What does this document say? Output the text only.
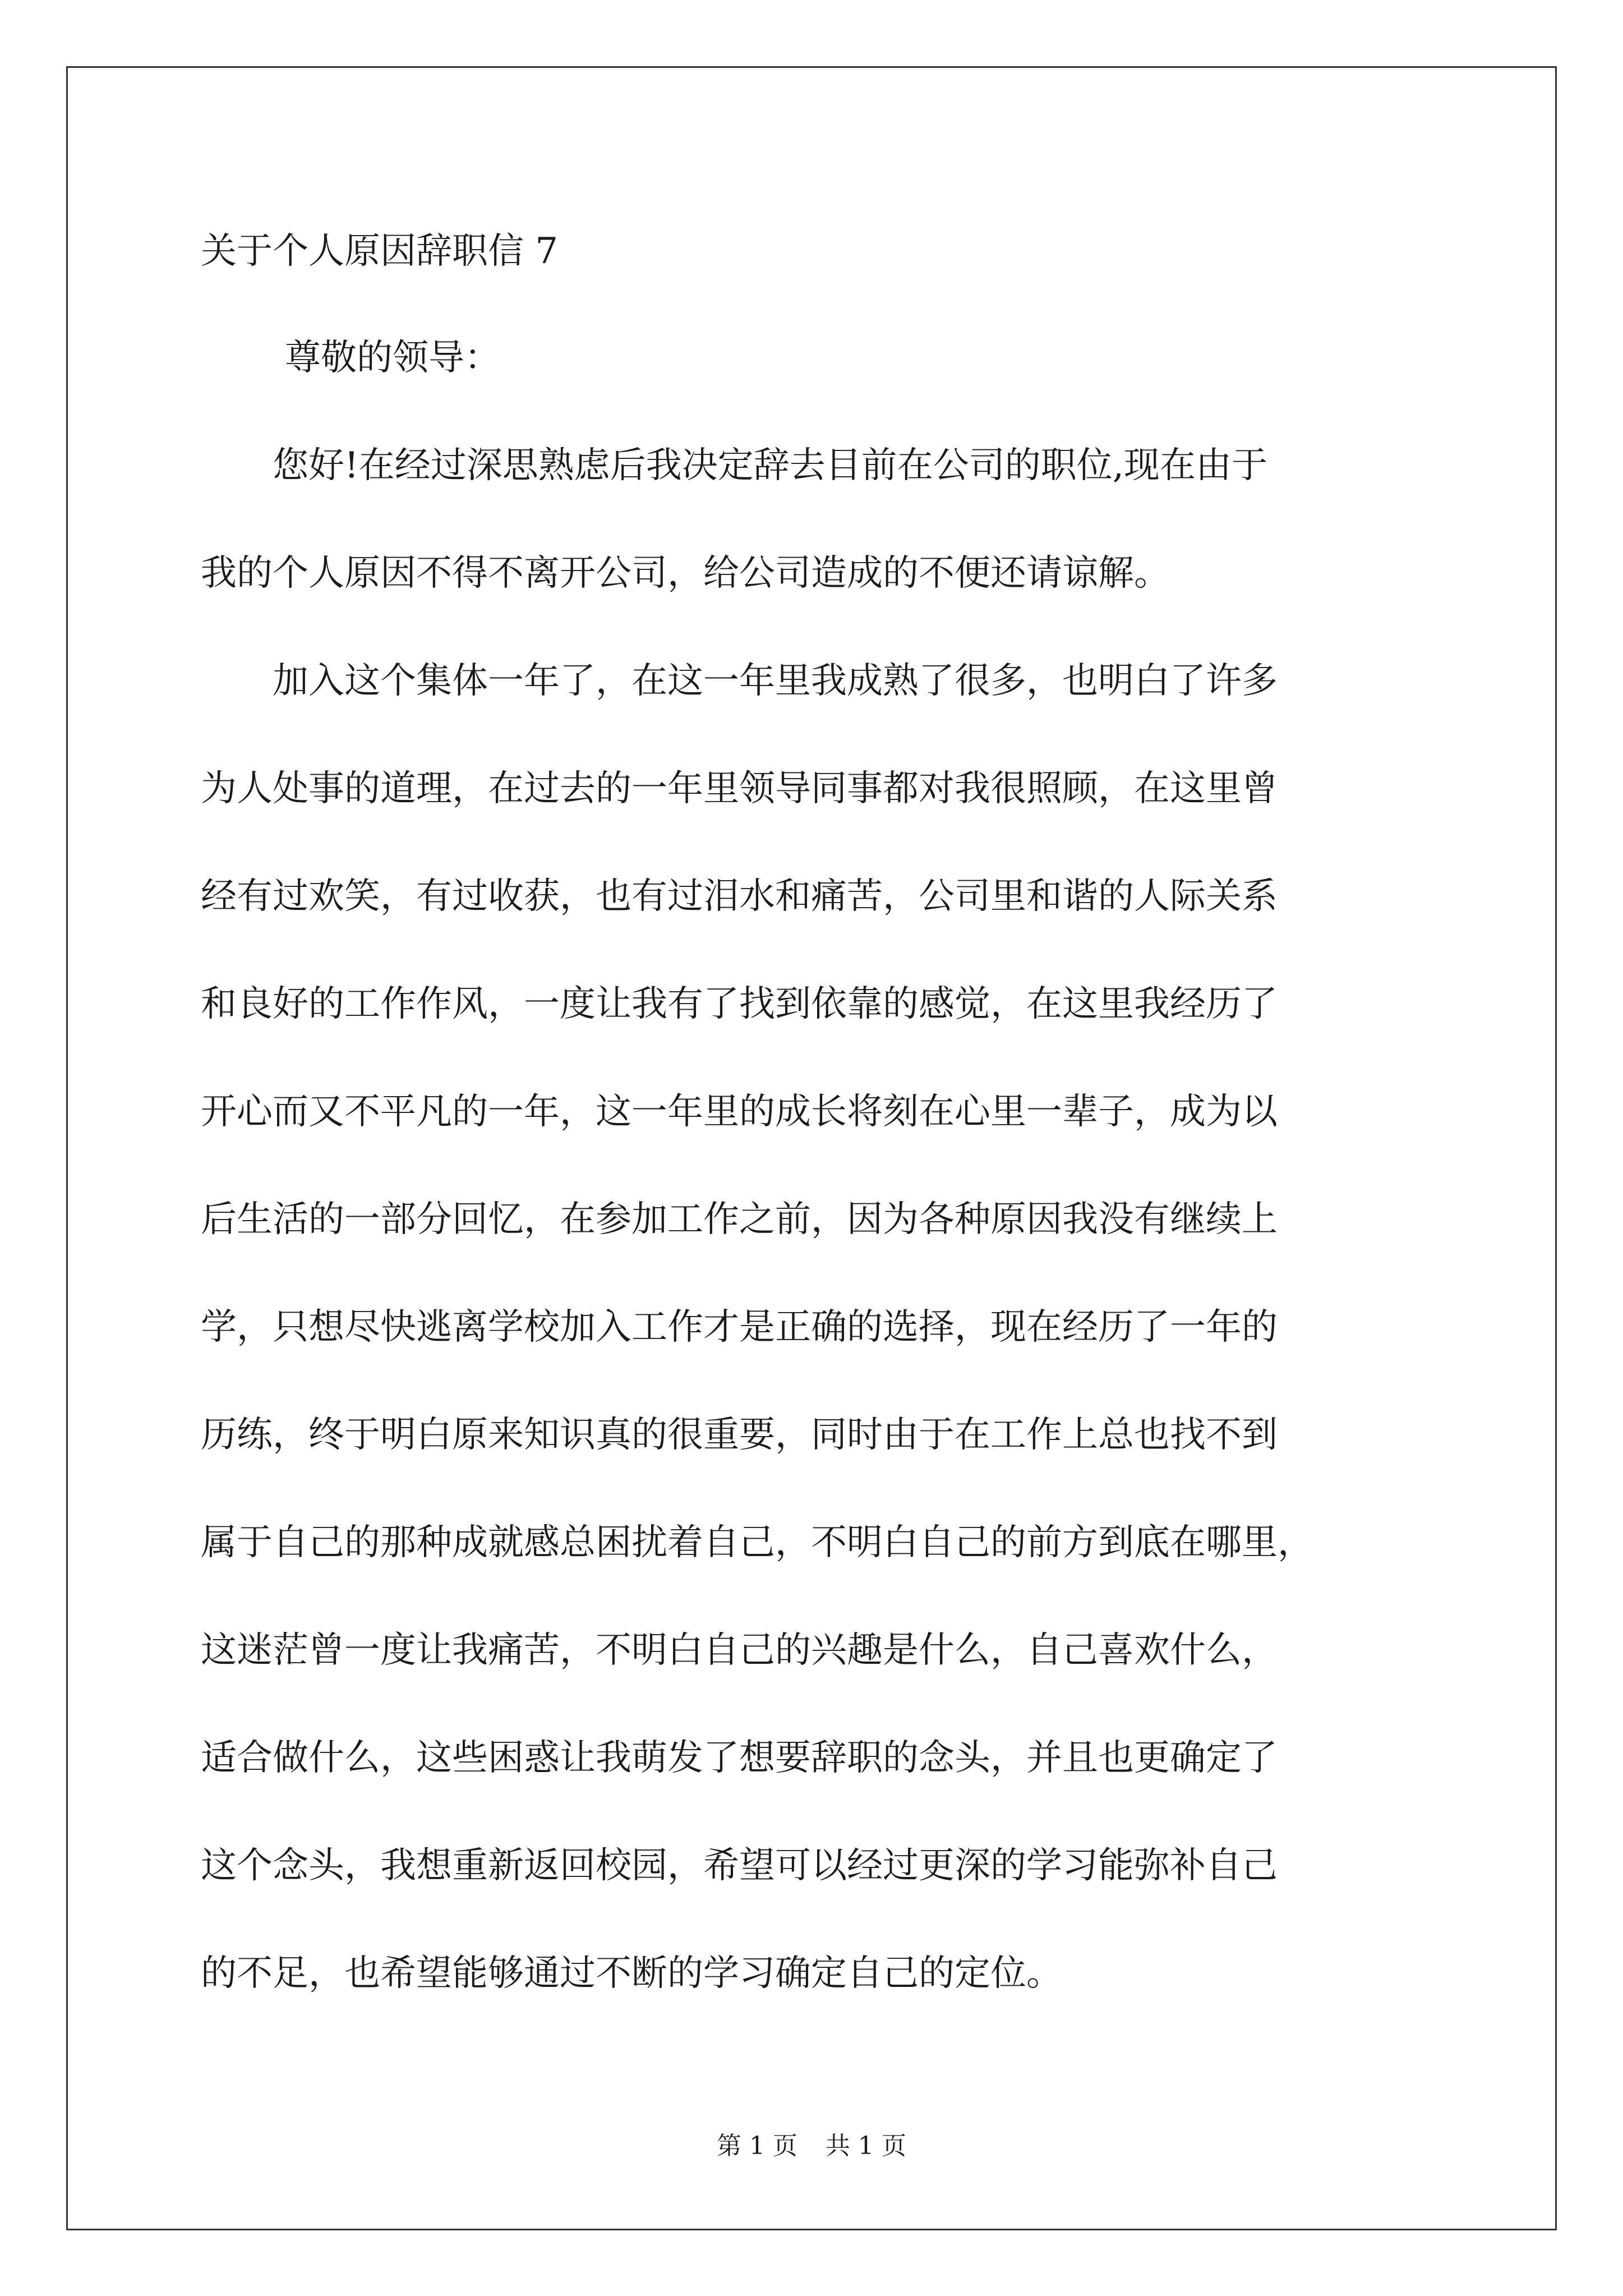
关于个人原因辞职信 7
尊敬的领导：
　　您好!在经过深思熟虑后我决定辞去目前在公司的职位,现在由于
我的个人原因不得不离开公司，给公司造成的不便还请谅解。
　　加入这个集体一年了，在这一年里我成熟了很多，也明白了许多
为人处事的道理，在过去的一年里领导同事都对我很照顾，在这里曾
经有过欢笑，有过收获，也有过泪水和痛苦，公司里和谐的人际关系
和良好的工作作风，一度让我有了找到依靠的感觉，在这里我经历了
开心而又不平凡的一年，这一年里的成长将刻在心里一辈子，成为以
后生活的一部分回忆，在参加工作之前，因为各种原因我没有继续上
学，只想尽快逃离学校加入工作才是正确的选择，现在经历了一年的
历练，终于明白原来知识真的很重要，同时由于在工作上总也找不到
属于自己的那种成就感总困扰着自己，不明白自己的前方到底在哪里，
这迷茫曾一度让我痛苦，不明白自己的兴趣是什么，自己喜欢什么，
适合做什么，这些困惑让我萌发了想要辞职的念头，并且也更确定了
这个念头，我想重新返回校园，希望可以经过更深的学习能弥补自己
的不足，也希望能够通过不断的学习确定自己的定位。
第 1 页 共 1 页
